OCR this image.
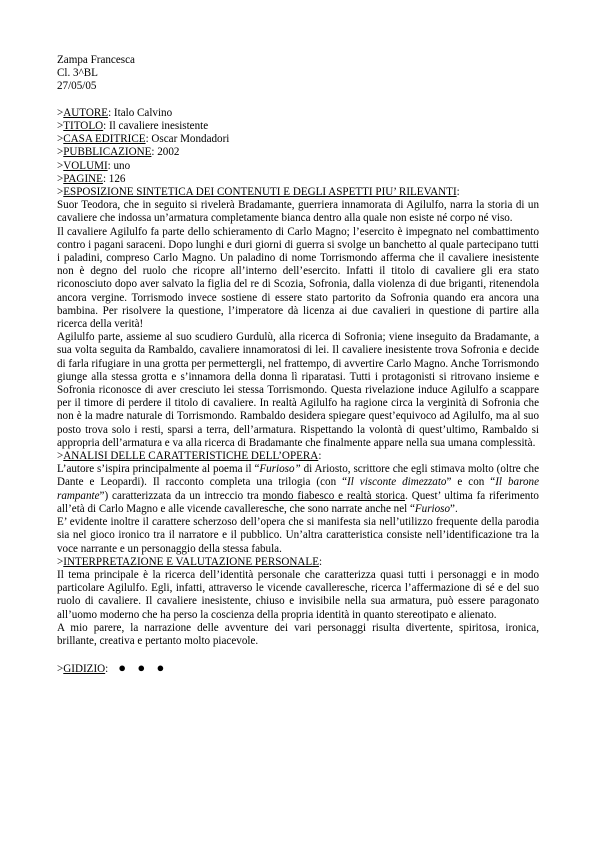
Zampa Francesca
Cl. 3^BL
27/05/05
>AUTORE: Italo Calvino
>TITOLO: Il cavaliere inesistente
>CASA EDITRICE: Oscar Mondadori
>PUBBLICAZIONE: 2002
>VOLUMI: uno
>PAGINE: 126
>ESPOSIZIONE SINTETICA DEI CONTENUTI E DEGLI ASPETTI PIU’ RILEVANTI:

Suor Teodora, che in seguito si rivelerà Bradamante, guerriera innamorata di Agilulfo, narra la storia di un cavaliere che indossa un’armatura completamente bianca dentro alla quale non esiste né corpo né viso.

Il cavaliere Agilulfo fa parte dello schieramento di Carlo Magno; l’esercito è impegnato nel combattimento contro i pagani saraceni. Dopo lunghi e duri giorni di guerra si svolge un banchetto al quale partecipano tutti i paladini, compreso Carlo Magno. Un paladino di nome Torrismondo afferma che il cavaliere inesistente non è degno del ruolo che ricopre all’interno dell’esercito. Infatti il titolo di cavaliere gli era stato riconosciuto dopo aver salvato la figlia del re di Scozia, Sofronia, dalla violenza di due briganti, ritenendola ancora vergine. Torrismodo invece sostiene di essere stato partorito da Sofronia quando era ancora una bambina. Per risolvere la questione, l’imperatore dà licenza ai due cavalieri in questione di partire alla ricerca della verità!

Agilulfo parte, assieme al suo scudiero Gurdulù, alla ricerca di Sofronia; viene inseguito da Bradamante, a sua volta seguita da Rambaldo, cavaliere innamoratosi di lei. Il cavaliere inesistente trova Sofronia e decide di farla rifugiare in una grotta per permettergli, nel frattempo, di avvertire Carlo Magno. Anche Torrismondo giunge alla stessa grotta e s’innamora della donna lì riparatasi. Tutti i protagonisti si ritrovano insieme e Sofronia riconosce di aver cresciuto lei stessa Torrismondo. Questa rivelazione induce Agilulfo a scappare per il timore di perdere il titolo di cavaliere. In realtà Agilulfo ha ragione circa la verginità di Sofronia che non è la madre naturale di Torrismondo. Rambaldo desidera spiegare quest’equivoco ad Agilulfo, ma al suo posto trova solo i resti, sparsi a terra, dell’armatura. Rispettando la volontà di quest’ultimo, Rambaldo si appropria dell’armatura e va alla ricerca di Bradamante che finalmente appare nella sua umana complessità.

>ANALISI DELLE CARATTERISTICHE DELL’OPERA:

L’autore s’ispira principalmente al poema il “Furioso” di Ariosto, scrittore che egli stimava molto (oltre che Dante e Leopardi). Il racconto completa una trilogia (con “Il visconte dimezzato” e con “Il barone rampante”) caratterizzata da un intreccio tra mondo fiabesco e realtà storica. Quest’ ultima fa riferimento all’età di Carlo Magno e alle vicende cavalleresche, che sono narrate anche nel “Furioso”.

E’ evidente inoltre il carattere scherzoso dell’opera che si manifesta sia nell’utilizzo frequente della parodia sia nel gioco ironico tra il narratore e il pubblico. Un’altra caratteristica consiste nell’identificazione tra la voce narrante e un personaggio della stessa fabula.

>INTERPRETAZIONE E VALUTAZIONE PERSONALE:

Il tema principale è la ricerca dell’identità personale che caratterizza quasi tutti i personaggi e in modo particolare Agilulfo. Egli, infatti, attraverso le vicende cavalleresche, ricerca l’affermazione di sé e del suo ruolo di cavaliere. Il cavaliere inesistente, chiuso e invisibile nella sua armatura, può essere paragonato all’uomo moderno che ha perso la coscienza della propria identità in quanto stereotipato e alienato.

A mio parere, la narrazione delle avventure dei vari personaggi risulta divertente, spiritosa, ironica, brillante, creativa e pertanto molto piacevole.

>GIDIZIO: ● ● ●
